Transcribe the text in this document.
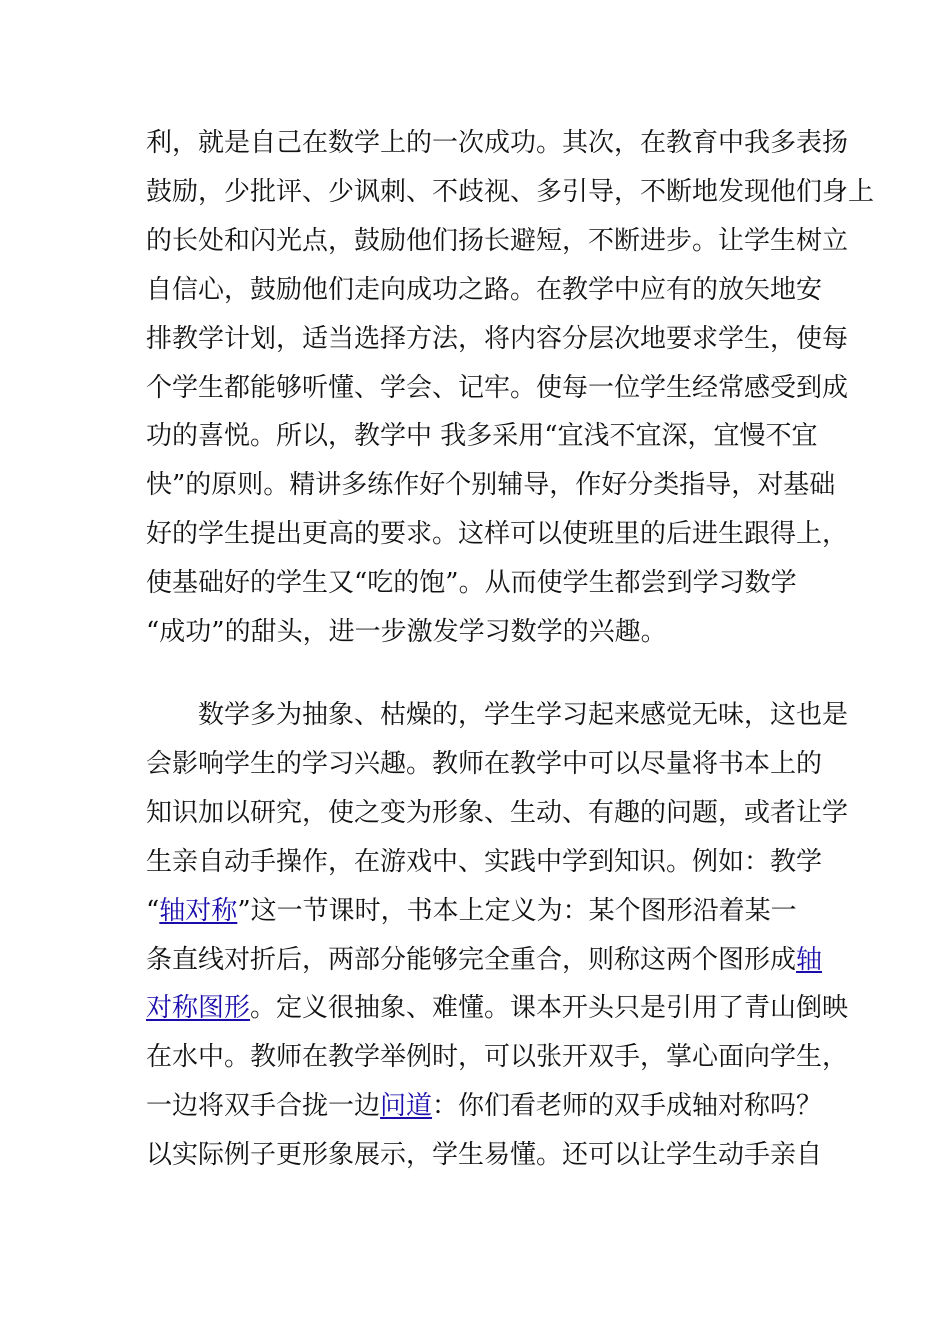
利，就是自己在数学上的一次成功。其次，在教育中我多表扬
鼓励，少批评、少讽刺、不歧视、多引导，不断地发现他们身上
的长处和闪光点，鼓励他们扬长避短，不断进步。让学生树立
自信心，鼓励他们走向成功之路。在教学中应有的放矢地安
排教学计划，适当选择方法，将内容分层次地要求学生，使每
个学生都能够听懂、学会、记牢。使每一位学生经常感受到成
功的喜悦。所以，教学中 我多采用“宜浅不宜深，宜慢不宜
快”的原则。精讲多练作好个别辅导，作好分类指导，对基础
好的学生提出更高的要求。这样可以使班里的后进生跟得上，
使基础好的学生又“吃的饱”。从而使学生都尝到学习数学
“成功”的甜头，进一步激发学习数学的兴趣。
　　数学多为抽象、枯燥的，学生学习起来感觉无味，这也是
会影响学生的学习兴趣。教师在教学中可以尽量将书本上的
知识加以研究，使之变为形象、生动、有趣的问题，或者让学
生亲自动手操作，在游戏中、实践中学到知识。例如：教学
“轴对称”这一节课时，书本上定义为：某个图形沿着某一
条直线对折后，两部分能够完全重合，则称这两个图形成轴
对称图形。定义很抽象、难懂。课本开头只是引用了青山倒映
在水中。教师在教学举例时，可以张开双手，掌心面向学生，
一边将双手合拢一边问道：你们看老师的双手成轴对称吗？
以实际例子更形象展示，学生易懂。还可以让学生动手亲自
